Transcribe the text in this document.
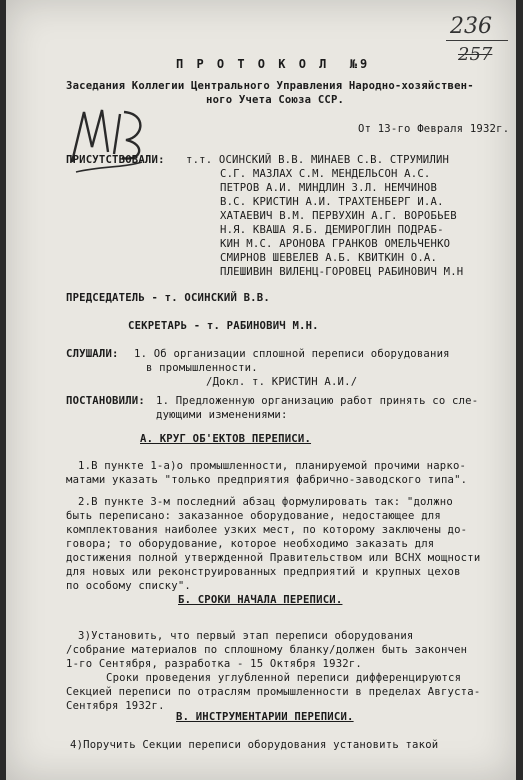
236
257
П Р О Т О К О Л  №9
Заседания Коллегии Центрального Управления Народно-хозяйствен-
ного Учета Союза ССР.
От 13-го Февраля 1932г.
ПРИСУТСТВОВАЛИ: т.т. ОСИНСКИЙ В.В. МИНАЕВ С.В. СТРУМИЛИН
С.Г. МАЗЛАХ С.М. МЕНДЕЛЬСОН А.С.
ПЕТРОВ А.И. МИНДЛИН З.Л. НЕМЧИНОВ
В.С. КРИСТИН А.И. ТРАХТЕНБЕРГ И.А.
ХАТАЕВИЧ В.М. ПЕРВУХИН А.Г. ВОРОБЬЕВ
Н.Я. КВАША Я.Б. ДЕМИРОГЛИН ПОДРАБ-
КИН М.С. АРОНОВА ГРАНКОВ ОМЕЛЬЧЕНКО
СМИРНОВ ШЕВЕЛЕВ А.Б. КВИТКИН О.А.
ПЛЕШИВИН ВИЛЕНЦ-ГОРОВЕЦ РАБИНОВИЧ М.Н
ПРЕДСЕДАТЕЛЬ - т. ОСИНСКИЙ В.В.
СЕКРЕТАРЬ - т. РАБИНОВИЧ М.Н.
СЛУШАЛИ: 1. Об организации сплошной переписи оборудования
в промышленности.
/Докл. т. КРИСТИН А.И./
ПОСТАНОВИЛИ: 1. Предложенную организацию работ принять со сле-
дующими изменениями:
А. КРУГ ОБ'ЕКТОВ ПЕРЕПИСИ.
1.В пункте 1-а)о промышленности, планируемой прочими нарко-
матами указать "только предприятия фабрично-заводского типа".
2.В пункте 3-м последний абзац формулировать так: "должно
быть переписано: заказанное оборудование, недостающее для
комплектования наиболее узких мест, по которому заключены до-
говора; то оборудование, которое необходимо заказать для
достижения полной утвержденной Правительством или ВСНХ мощности
для новых или реконструированных предприятий и крупных цехов
по особому списку".
Б. СРОКИ НАЧАЛА ПЕРЕПИСИ.
3)Установить, что первый этап переписи оборудования
/собрание материалов по сплошному бланку/должен быть закончен
1-го Сентября, разработка - 15 Октября 1932г.
Сроки проведения углубленной переписи дифференцируются
Секцией переписи по отраслям промышленности в пределах Августа-
Сентября 1932г.
В. ИНСТРУМЕНТАРИИ ПЕРЕПИСИ.
4)Поручить Секции переписи оборудования установить такой
